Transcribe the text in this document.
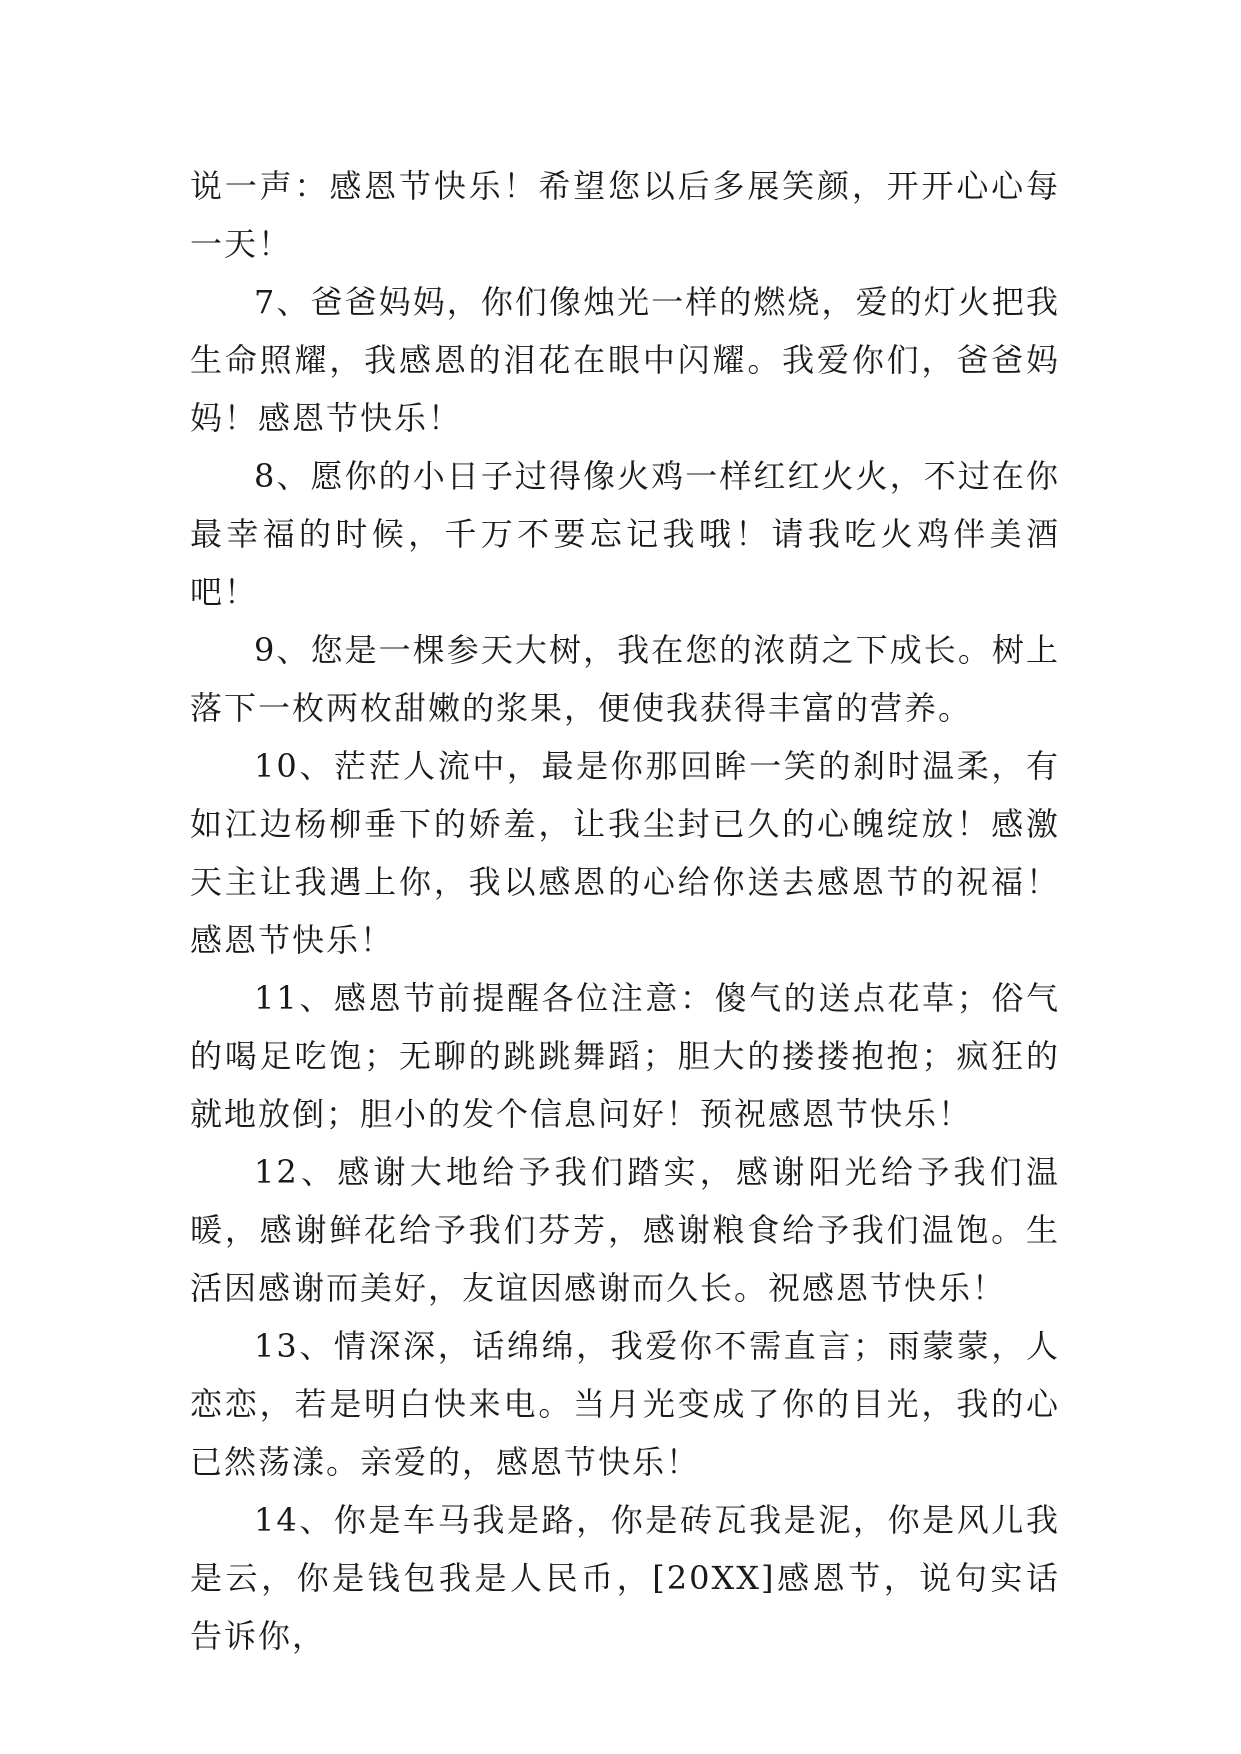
说一声：感恩节快乐！希望您以后多展笑颜，开开心心每一天！

7、爸爸妈妈，你们像烛光一样的燃烧，爱的灯火把我生命照耀，我感恩的泪花在眼中闪耀。我爱你们，爸爸妈妈！感恩节快乐！

8、愿你的小日子过得像火鸡一样红红火火，不过在你最幸福的时候，千万不要忘记我哦！请我吃火鸡伴美酒吧！

9、您是一棵参天大树，我在您的浓荫之下成长。树上落下一枚两枚甜嫩的浆果，便使我获得丰富的营养。

10、茫茫人流中，最是你那回眸一笑的刹时温柔，有如江边杨柳垂下的娇羞，让我尘封已久的心魄绽放！感激天主让我遇上你，我以感恩的心给你送去感恩节的祝福！感恩节快乐！

11、感恩节前提醒各位注意：傻气的送点花草；俗气的喝足吃饱；无聊的跳跳舞蹈；胆大的搂搂抱抱；疯狂的就地放倒；胆小的发个信息问好！预祝感恩节快乐！

12、感谢大地给予我们踏实，感谢阳光给予我们温暖，感谢鲜花给予我们芬芳，感谢粮食给予我们温饱。生活因感谢而美好，友谊因感谢而久长。祝感恩节快乐！

13、情深深，话绵绵，我爱你不需直言；雨蒙蒙，人恋恋，若是明白快来电。当月光变成了你的目光，我的心已然荡漾。亲爱的，感恩节快乐！

14、你是车马我是路，你是砖瓦我是泥，你是风儿我是云，你是钱包我是人民币，[20XX]感恩节，说句实话告诉你，
